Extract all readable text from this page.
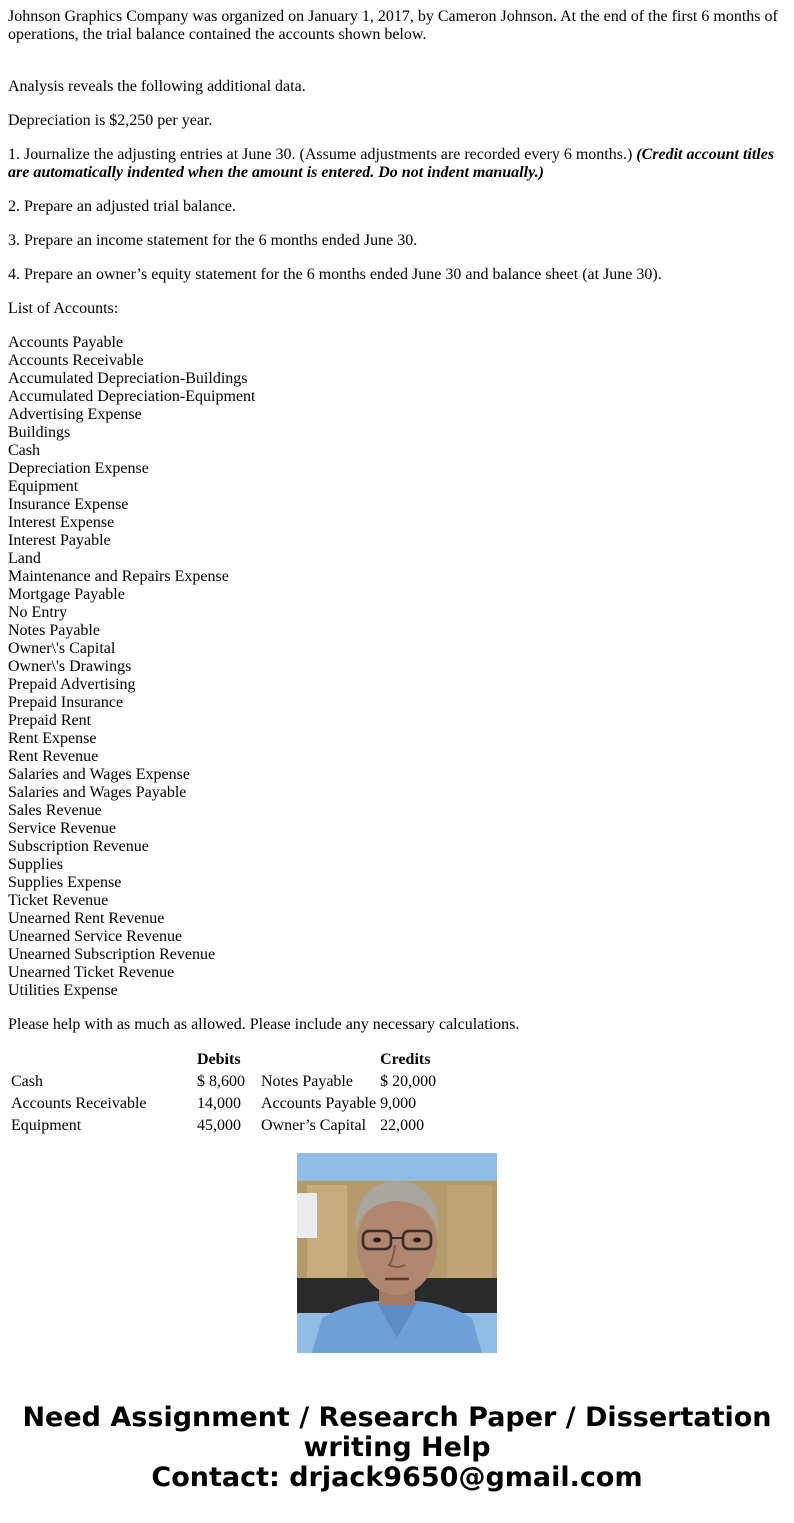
Johnson Graphics Company was organized on January 1, 2017, by Cameron Johnson. At the end of the first 6 months of operations, the trial balance contained the accounts shown below.

Analysis reveals the following additional data.

Depreciation is $2,250 per year.

1. Journalize the adjusting entries at June 30. (Assume adjustments are recorded every 6 months.) (Credit account titles are automatically indented when the amount is entered. Do not indent manually.)

2. Prepare an adjusted trial balance.

3. Prepare an income statement for the 6 months ended June 30.

4. Prepare an owner’s equity statement for the 6 months ended June 30 and balance sheet (at June 30).

List of Accounts:

Accounts Payable
Accounts Receivable
Accumulated Depreciation-Buildings
Accumulated Depreciation-Equipment
Advertising Expense
Buildings
Cash
Depreciation Expense
Equipment
Insurance Expense
Interest Expense
Interest Payable
Land
Maintenance and Repairs Expense
Mortgage Payable
No Entry
Notes Payable
Owner\'s Capital
Owner\'s Drawings
Prepaid Advertising
Prepaid Insurance
Prepaid Rent
Rent Expense
Rent Revenue
Salaries and Wages Expense
Salaries and Wages Payable
Sales Revenue
Service Revenue
Subscription Revenue
Supplies
Supplies Expense
Ticket Revenue
Unearned Rent Revenue
Unearned Service Revenue
Unearned Subscription Revenue
Unearned Ticket Revenue
Utilities Expense

Please help with as much as allowed. Please include any necessary calculations.

	Debits		Credits
Cash	$ 8,600	Notes Payable	$ 20,000
Accounts Receivable	14,000	Accounts Payable	9,000
Equipment	45,000	Owner’s Capital	22,000
Need Assignment / Research Paper / Dissertation
writing Help
Contact: drjack9650@gmail.com
